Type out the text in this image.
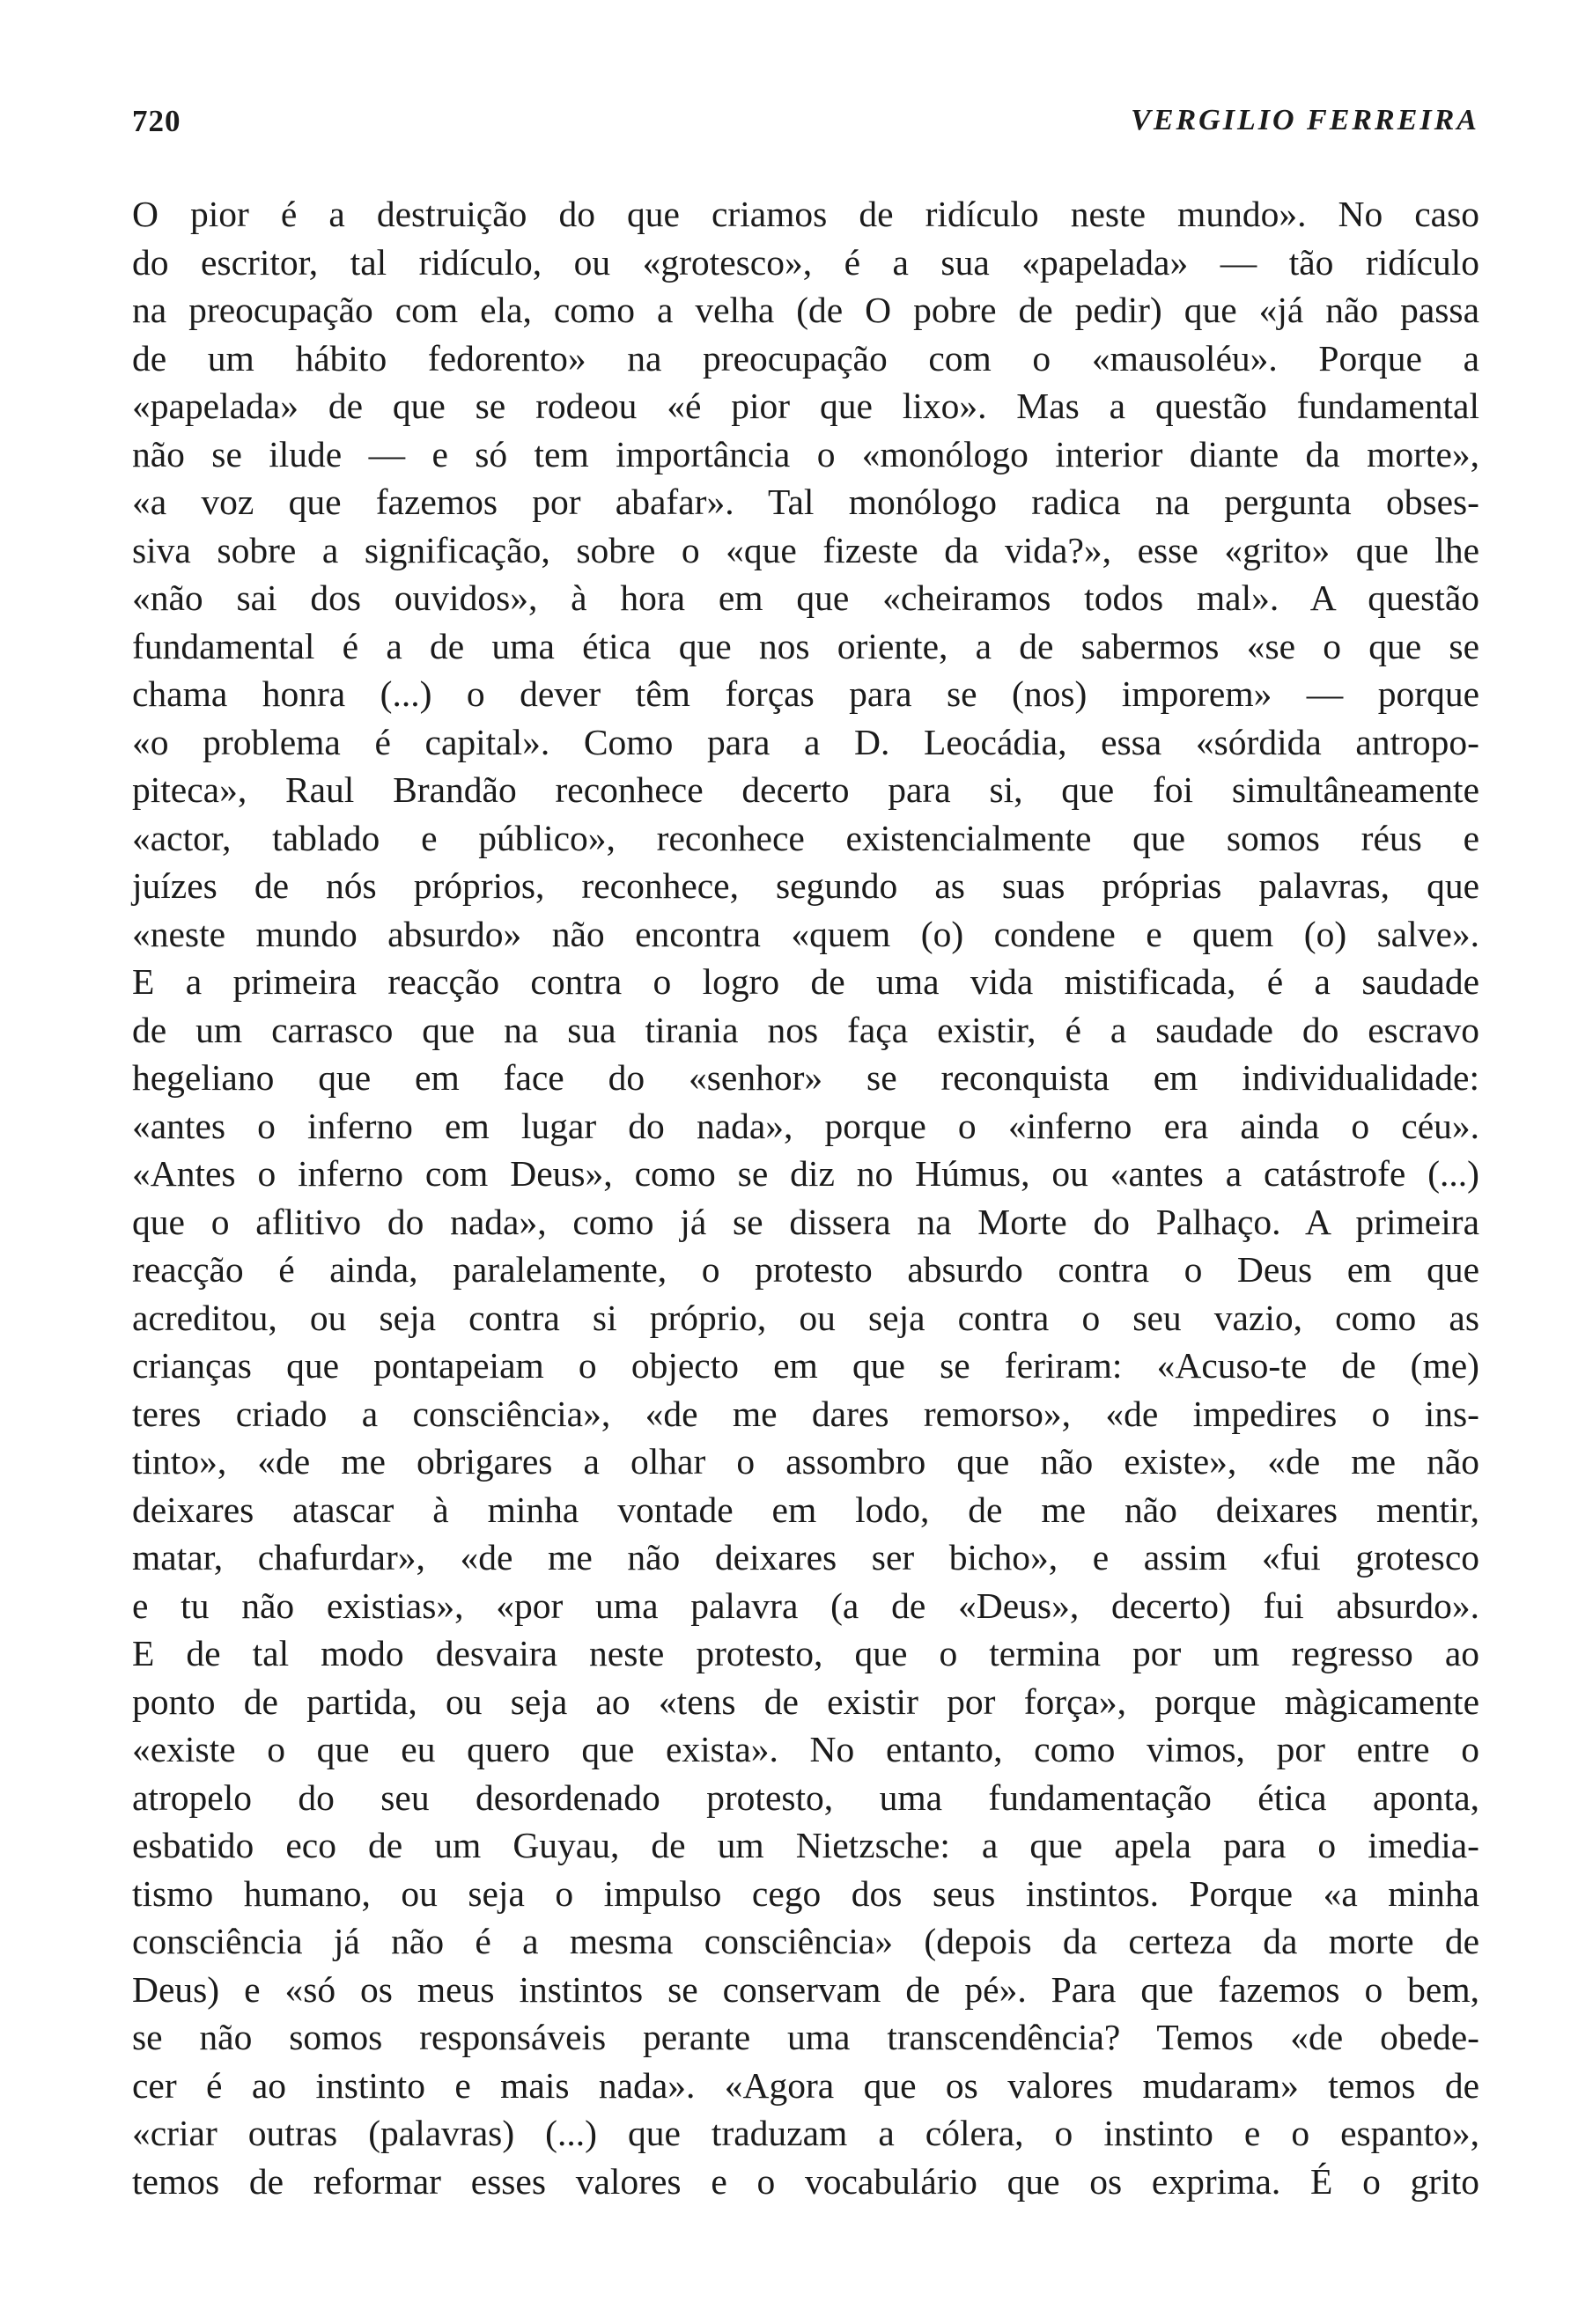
720	VERGILIO FERREIRA
O pior é a destruição do que criamos de ridículo neste mundo». No caso
do escritor, tal ridículo, ou «grotesco», é a sua «papelada» — tão ridículo
na preocupação com ela, como a velha (de O pobre de pedir) que «já não passa
de um hábito fedorento» na preocupação com o «mausoléu». Porque a
«papelada» de que se rodeou «é pior que lixo». Mas a questão fundamental
não se ilude — e só tem importância o «monólogo interior diante da morte»,
«a voz que fazemos por abafar». Tal monólogo radica na pergunta obses-
siva sobre a significação, sobre o «que fizeste da vida?», esse «grito» que lhe
«não sai dos ouvidos», à hora em que «cheiramos todos mal». A questão
fundamental é a de uma ética que nos oriente, a de sabermos «se o que se
chama honra (...) o dever têm forças para se (nos) imporem» — porque
«o problema é capital». Como para a D. Leocádia, essa «sórdida antropo-
piteca», Raul Brandão reconhece decerto para si, que foi simultâneamente
«actor, tablado e público», reconhece existencialmente que somos réus e
juízes de nós próprios, reconhece, segundo as suas próprias palavras, que
«neste mundo absurdo» não encontra «quem (o) condene e quem (o) salve».
E a primeira reacção contra o logro de uma vida mistificada, é a saudade
de um carrasco que na sua tirania nos faça existir, é a saudade do escravo
hegeliano que em face do «senhor» se reconquista em individualidade:
«antes o inferno em lugar do nada», porque o «inferno era ainda o céu».
«Antes o inferno com Deus», como se diz no Húmus, ou «antes a catástrofe (...)
que o aflitivo do nada», como já se dissera na Morte do Palhaço. A primeira
reacção é ainda, paralelamente, o protesto absurdo contra o Deus em que
acreditou, ou seja contra si próprio, ou seja contra o seu vazio, como as
crianças que pontapeiam o objecto em que se feriram: «Acuso-te de (me)
teres criado a consciência», «de me dares remorso», «de impedires o ins-
tinto», «de me obrigares a olhar o assombro que não existe», «de me não
deixares atascar à minha vontade em lodo, de me não deixares mentir,
matar, chafurdar», «de me não deixares ser bicho», e assim «fui grotesco
e tu não existias», «por uma palavra (a de «Deus», decerto) fui absurdo».
E de tal modo desvaira neste protesto, que o termina por um regresso ao
ponto de partida, ou seja ao «tens de existir por força», porque màgicamente
«existe o que eu quero que exista». No entanto, como vimos, por entre o
atropelo do seu desordenado protesto, uma fundamentação ética aponta,
esbatido eco de um Guyau, de um Nietzsche: a que apela para o imedia-
tismo humano, ou seja o impulso cego dos seus instintos. Porque «a minha
consciência já não é a mesma consciência» (depois da certeza da morte de
Deus) e «só os meus instintos se conservam de pé». Para que fazemos o bem,
se não somos responsáveis perante uma transcendência? Temos «de obede-
cer é ao instinto e mais nada». «Agora que os valores mudaram» temos de
«criar outras (palavras) (...) que traduzam a cólera, o instinto e o espanto»,
temos de reformar esses valores e o vocabulário que os exprima. É o grito
